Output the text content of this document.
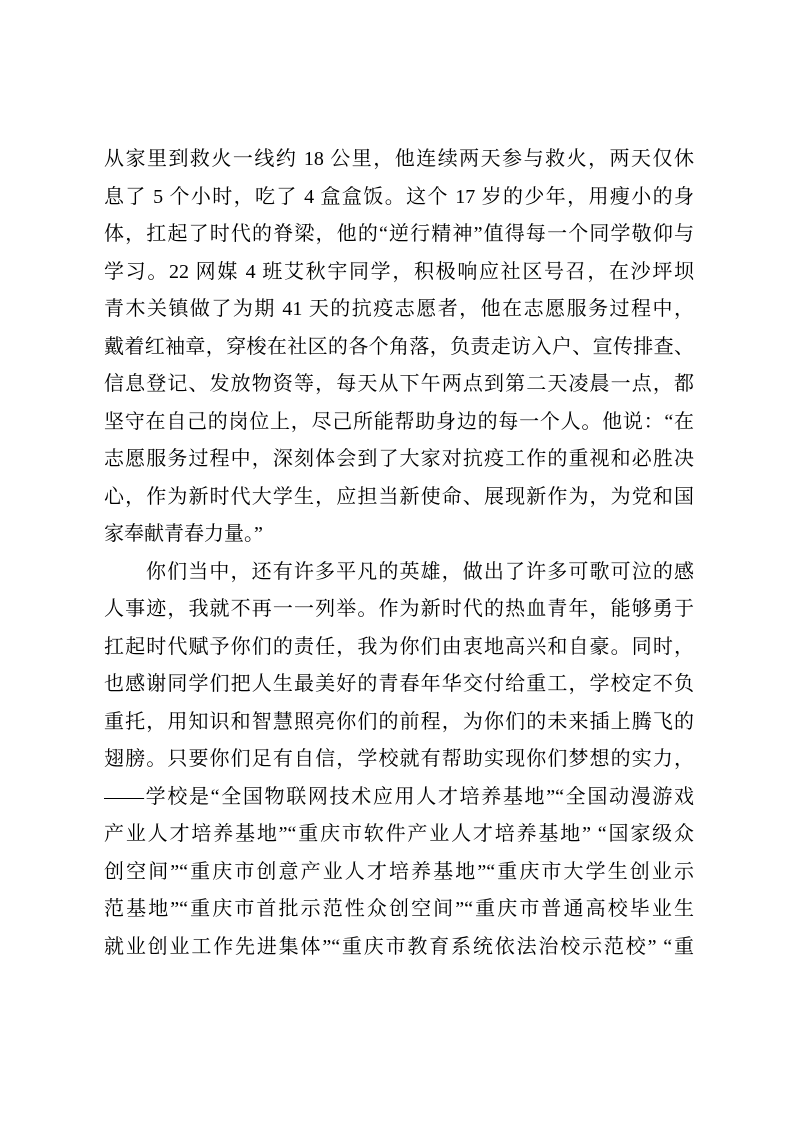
从家里到救火一线约 18 公里，他连续两天参与救火，两天仅休
息了 5 个小时，吃了 4 盒盒饭。这个 17 岁的少年，用瘦小的身
体，扛起了时代的脊梁，他的“逆行精神”值得每一个同学敬仰与
学习。22 网媒 4 班艾秋宇同学，积极响应社区号召，在沙坪坝
青木关镇做了为期 41 天的抗疫志愿者，他在志愿服务过程中，
戴着红袖章，穿梭在社区的各个角落，负责走访入户、宣传排查、
信息登记、发放物资等，每天从下午两点到第二天凌晨一点，都
坚守在自己的岗位上，尽己所能帮助身边的每一个人。他说：“在
志愿服务过程中，深刻体会到了大家对抗疫工作的重视和必胜决
心，作为新时代大学生，应担当新使命、展现新作为，为党和国
家奉献青春力量。”
你们当中，还有许多平凡的英雄，做出了许多可歌可泣的感
人事迹，我就不再一一列举。作为新时代的热血青年，能够勇于
扛起时代赋予你们的责任，我为你们由衷地高兴和自豪。同时，
也感谢同学们把人生最美好的青春年华交付给重工，学校定不负
重托，用知识和智慧照亮你们的前程，为你们的未来插上腾飞的
翅膀。只要你们足有自信，学校就有帮助实现你们梦想的实力，
——学校是“全国物联网技术应用人才培养基地”“全国动漫游戏
产业人才培养基地”“重庆市软件产业人才培养基地” “国家级众
创空间”“重庆市创意产业人才培养基地”“重庆市大学生创业示
范基地”“重庆市首批示范性众创空间”“重庆市普通高校毕业生
就业创业工作先进集体”“重庆市教育系统依法治校示范校” “重
